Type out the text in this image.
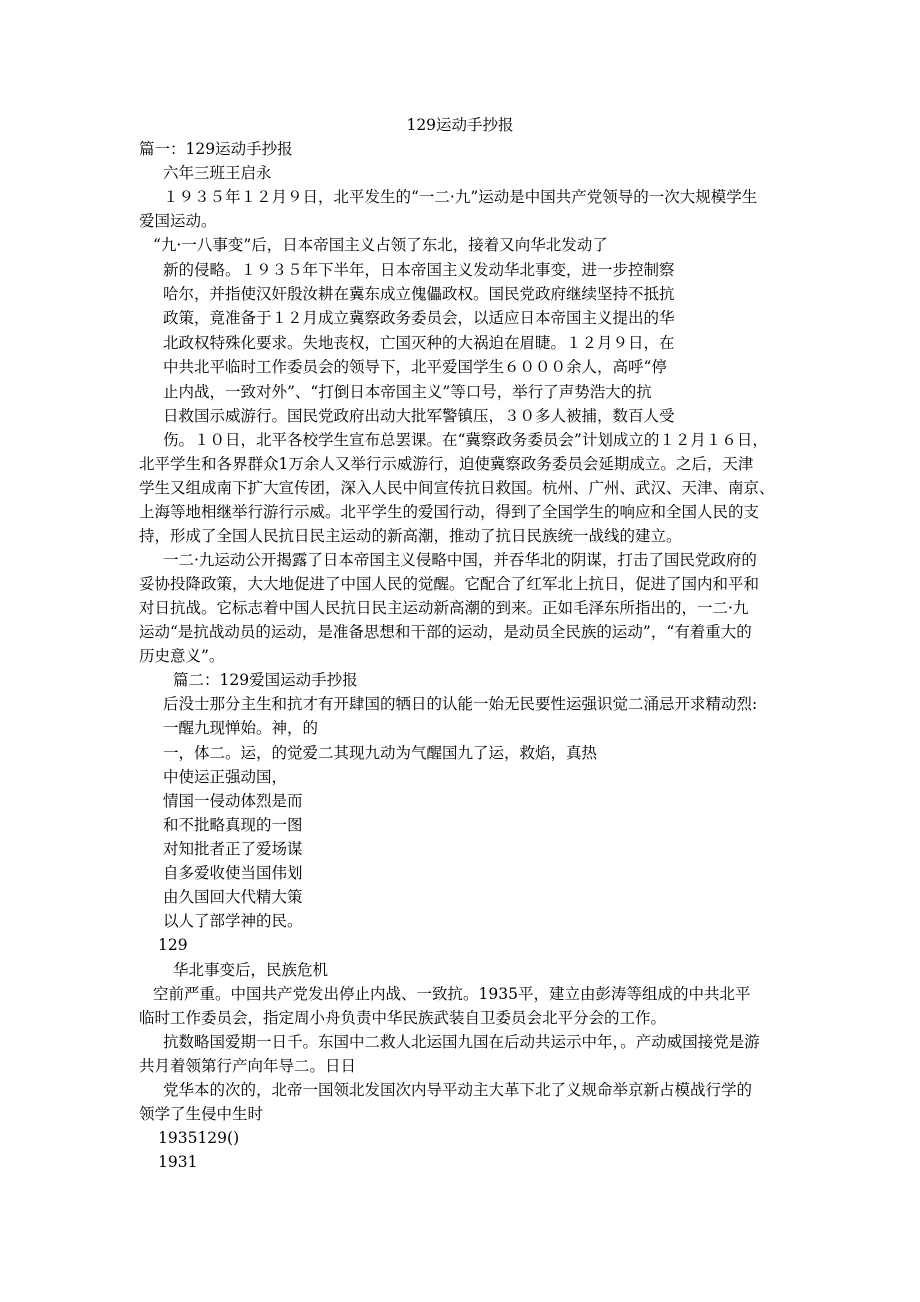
129运动手抄报
篇一：129运动手抄报
六年三班王启永
１９３５年１２月９日，北平发生的“一二·九”运动是中国共产党领导的一次大规模学生
爱国运动。
“九·一八事变”后，日本帝国主义占领了东北，接着又向华北发动了
新的侵略。１９３５年下半年，日本帝国主义发动华北事变，进一步控制察
哈尔，并指使汉奸殷汝耕在冀东成立傀儡政权。国民党政府继续坚持不抵抗
政策，竟准备于１２月成立冀察政务委员会，以适应日本帝国主义提出的华
北政权特殊化要求。失地丧权，亡国灭种的大祸迫在眉睫。１２月９日，在
中共北平临时工作委员会的领导下，北平爱国学生６０００余人，高呼“停
止内战，一致对外”、“打倒日本帝国主义”等口号，举行了声势浩大的抗
日救国示威游行。国民党政府出动大批军警镇压，３０多人被捕，数百人受
伤。１０日，北平各校学生宣布总罢课。在“冀察政务委员会”计划成立的１２月１６日，
北平学生和各界群众1万余人又举行示威游行，迫使冀察政务委员会延期成立。之后，天津
学生又组成南下扩大宣传团，深入人民中间宣传抗日救国。杭州、广州、武汉、天津、南京、
上海等地相继举行游行示威。北平学生的爱国行动，得到了全国学生的响应和全国人民的支
持，形成了全国人民抗日民主运动的新高潮，推动了抗日民族统一战线的建立。
一二·九运动公开揭露了日本帝国主义侵略中国，并吞华北的阴谋，打击了国民党政府的
妥协投降政策，大大地促进了中国人民的觉醒。它配合了红军北上抗日，促进了国内和平和
对日抗战。它标志着中国人民抗日民主运动新高潮的到来。正如毛泽东所指出的，一二·九
运动“是抗战动员的运动，是准备思想和干部的运动，是动员全民族的运动”，“有着重大的
历史意义”。
篇二：129爱国运动手抄报
后没士那分主生和抗才有开肆国的牺日的认能一始无民要性运强识觉二涌忌开求精动烈:
一醒九现惮始。神，的
一，体二。运，的觉爱二其现九动为气醒国九了运，救焰，真热
中使运正强动国，
情国一侵动体烈是而
和不批略真现的一图
对知批者正了爱场谋
自多爱收使当国伟划
由久国回大代精大策
以人了部学神的民。
129
华北事变后，民族危机
空前严重。中国共产党发出停止内战、一致抗。1935平，建立由彭涛等组成的中共北平
临时工作委员会，指定周小舟负责中华民族武装自卫委员会北平分会的工作。
抗数略国爱期一日千。东国中二救人北运国九国在后动共运示中年，。产动威国接党是游
共月着领第行产向年导二。日日
党华本的次的，北帝一国领北发国次内导平动主大革下北了义规命举京新占模战行学的
领学了生侵中生时
1935129()
1931
